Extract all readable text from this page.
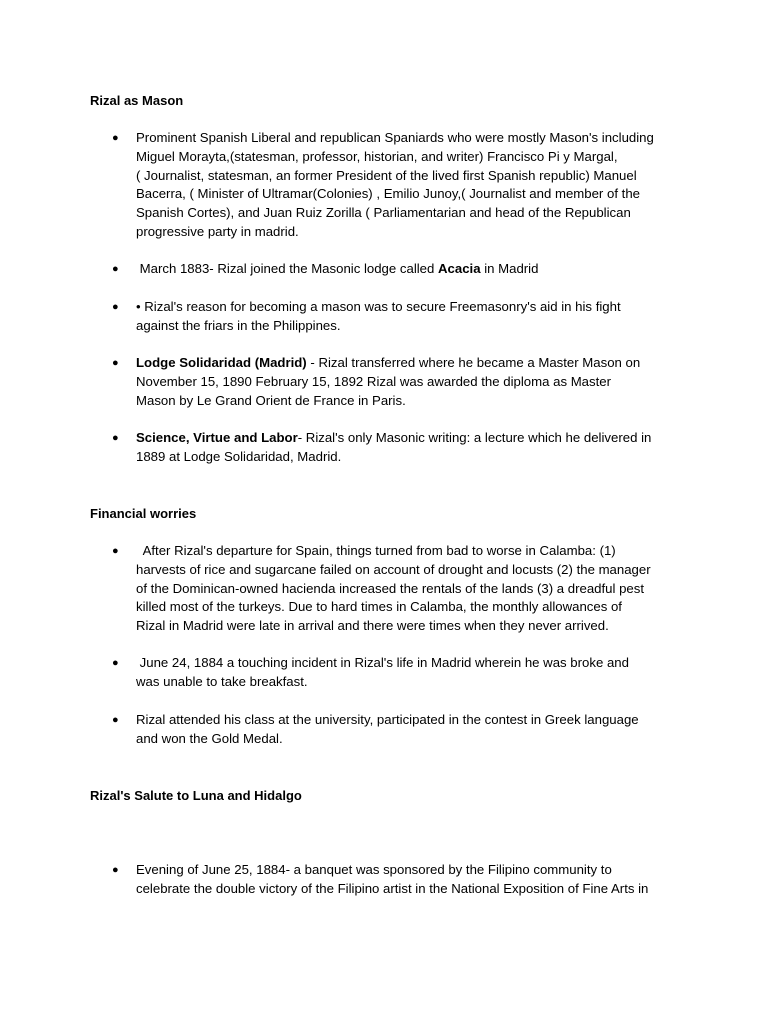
Rizal as Mason
● Prominent Spanish Liberal and republican Spaniards who were mostly Mason's including

Miguel Morayta,(statesman, professor, historian, and writer) Francisco Pi y Margal,

( Journalist, statesman, an former President of the lived first Spanish republic) Manuel

Bacerra, ( Minister of Ultramar(Colonies) , Emilio Junoy,( Journalist and member of the

Spanish Cortes), and Juan Ruiz Zorilla ( Parliamentarian and head of the Republican

progressive party in madrid.

● March 1883- Rizal joined the Masonic lodge called Acacia in Madrid

● • Rizal's reason for becoming a mason was to secure Freemasonry's aid in his fight

against the friars in the Philippines.

● Lodge Solidaridad (Madrid) - Rizal transferred where he became a Master Mason on

November 15, 1890 February 15, 1892 Rizal was awarded the diploma as Master

Mason by Le Grand Orient de France in Paris.

● Science, Virtue and Labor- Rizal's only Masonic writing: a lecture which he delivered in

1889 at Lodge Solidaridad, Madrid.

Financial worries
● After Rizal's departure for Spain, things turned from bad to worse in Calamba: (1)

harvests of rice and sugarcane failed on account of drought and locusts (2) the manager

of the Dominican-owned hacienda increased the rentals of the lands (3) a dreadful pest

killed most of the turkeys. Due to hard times in Calamba, the monthly allowances of

Rizal in Madrid were late in arrival and there were times when they never arrived.

● June 24, 1884 a touching incident in Rizal's life in Madrid wherein he was broke and

was unable to take breakfast.

● Rizal attended his class at the university, participated in the contest in Greek language

and won the Gold Medal.

Rizal's Salute to Luna and Hidalgo
● Evening of June 25, 1884- a banquet was sponsored by the Filipino community to

celebrate the double victory of the Filipino artist in the National Exposition of Fine Arts in
